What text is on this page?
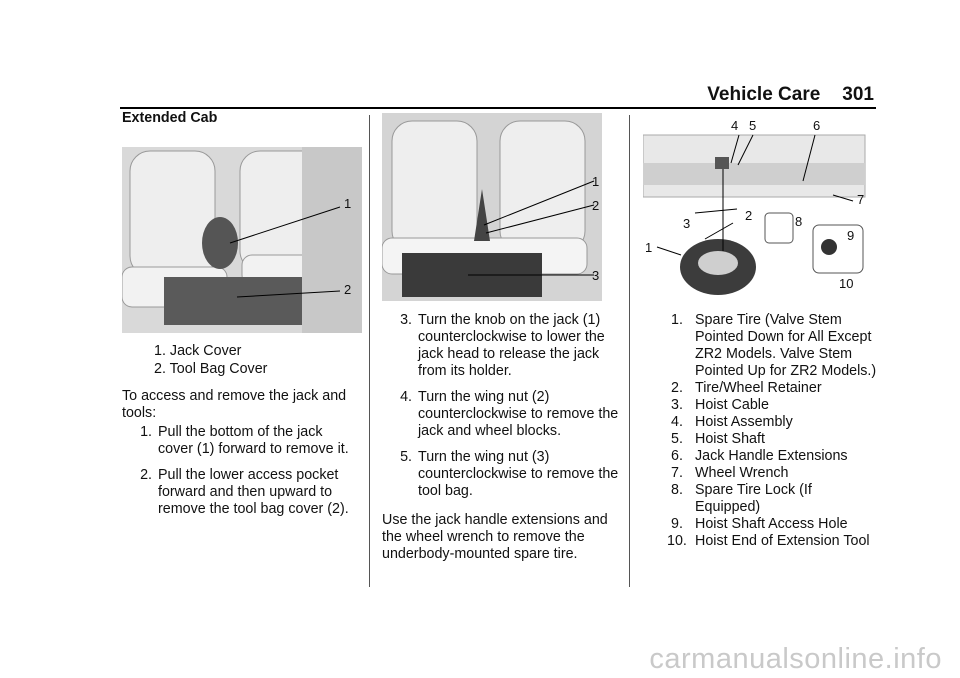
Vehicle Care 301

Extended Cab

1
2
1. Jack Cover
2. Tool Bag Cover

To access and remove the jack and tools:

1. Pull the bottom of the jack cover (1) forward to remove it.
2. Pull the lower access pocket forward and then upward to remove the tool bag cover (2).
1
2
3
3. Turn the knob on the jack (1) counterclockwise to lower the jack head to release the jack from its holder.
4. Turn the wing nut (2) counterclockwise to remove the jack and wheel blocks.
5. Turn the wing nut (3) counterclockwise to remove the tool bag.

Use the jack handle extensions and the wheel wrench to remove the underbody-mounted spare tire.

4 5	6
7
2	8
3
9
1
10
1. Spare Tire (Valve Stem Pointed Down for All Except ZR2 Models. Valve Stem Pointed Up for ZR2 Models.)
2. Tire/Wheel Retainer
3. Hoist Cable
4. Hoist Assembly
5. Hoist Shaft
6. Jack Handle Extensions
7. Wheel Wrench
8. Spare Tire Lock (If Equipped)
9. Hoist Shaft Access Hole
10. Hoist End of Extension Tool
carmanualsonline.info
